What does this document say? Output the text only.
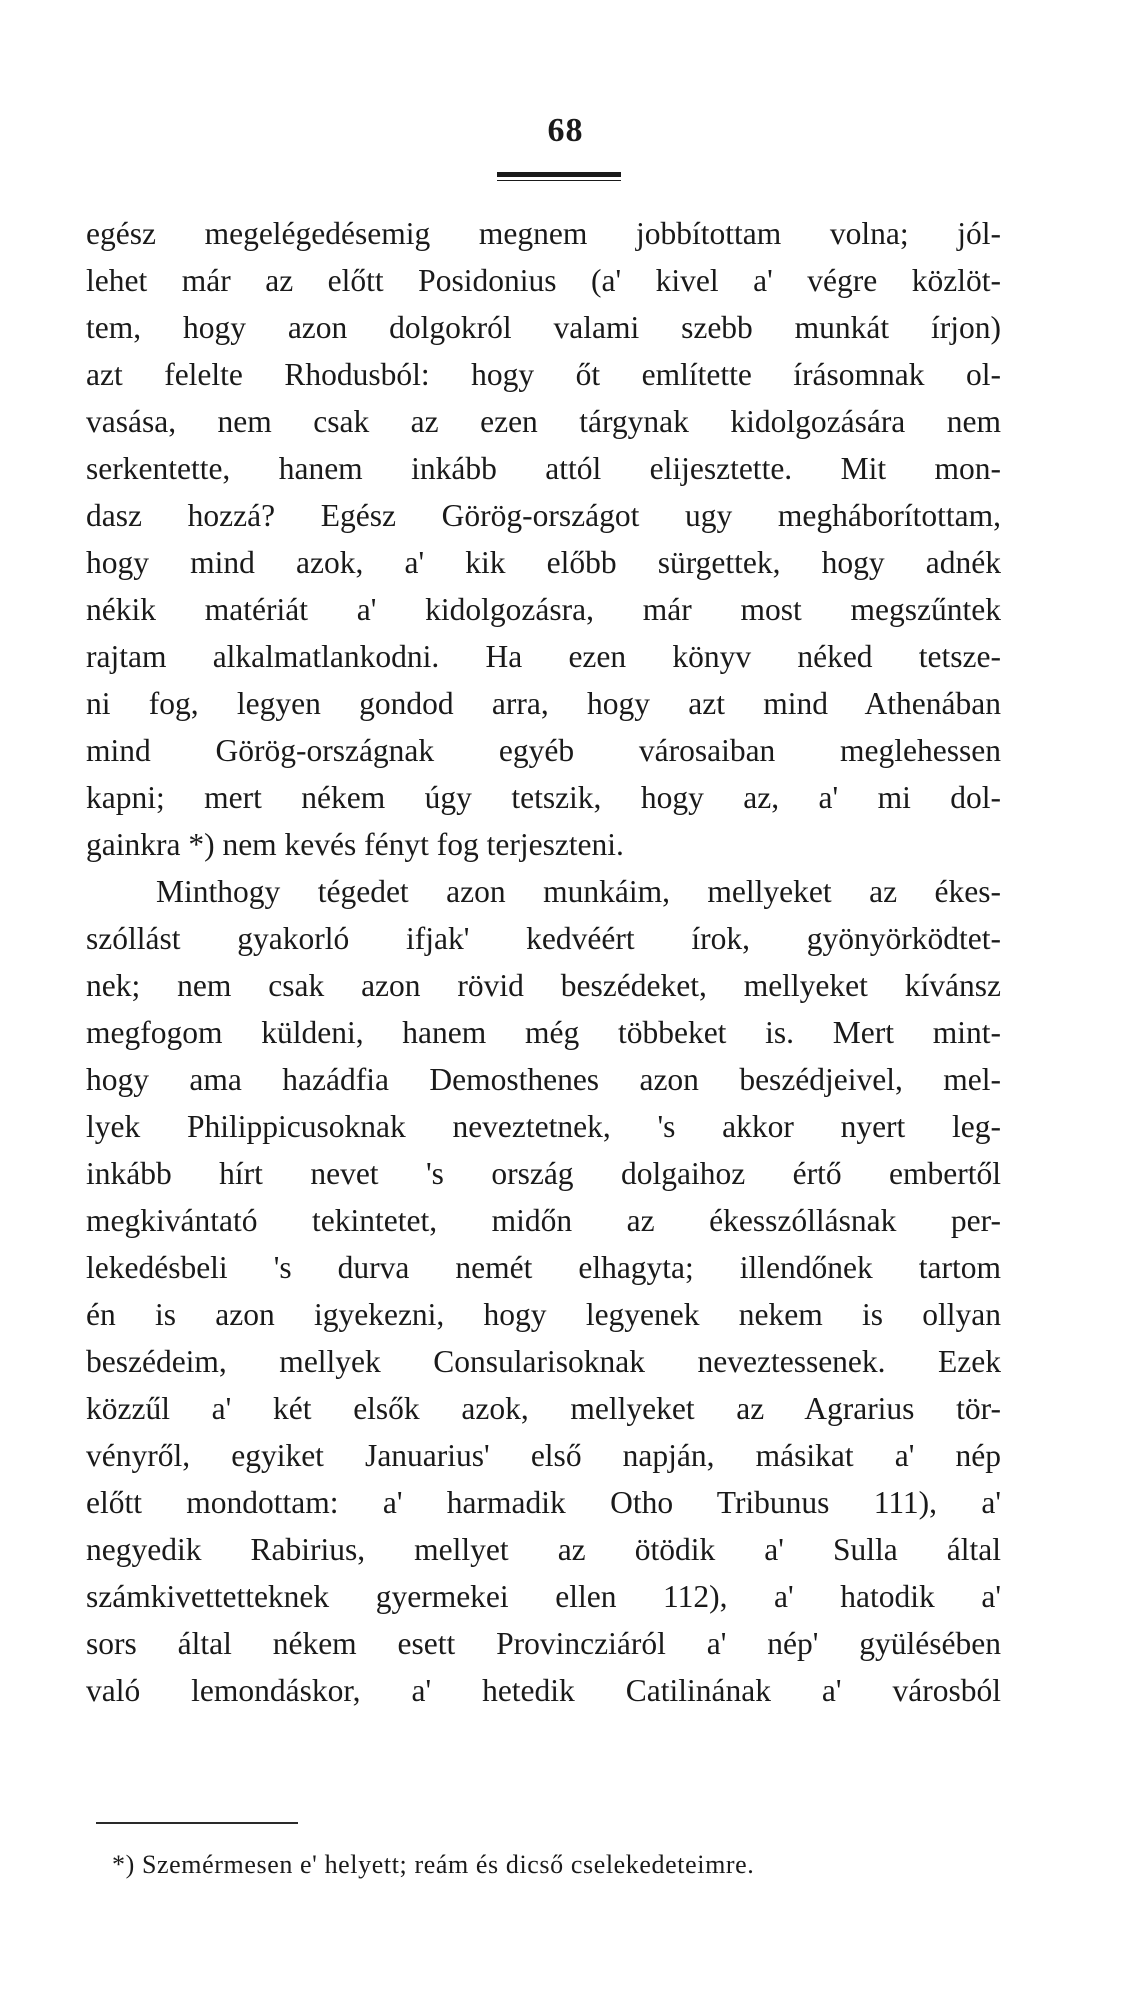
68
egész megelégedésemig megnem jobbítottam volna; jól-
lehet már az előtt Posidonius (a' kivel a' végre közlöt-
tem, hogy azon dolgokról valami szebb munkát írjon)
azt felelte Rhodusból: hogy őt említette írásomnak ol-
vasása, nem csak az ezen tárgynak kidolgozására nem
serkentette, hanem inkább attól elijesztette. Mit mon-
dasz hozzá? Egész Görög-országot ugy megháborítottam,
hogy mind azok, a' kik előbb sürgettek, hogy adnék
nékik matériát a' kidolgozásra, már most megszűntek
rajtam alkalmatlankodni. Ha ezen könyv néked tetsze-
ni fog, legyen gondod arra, hogy azt mind Athenában
mind Görög-országnak egyéb városaiban meglehessen
kapni; mert nékem úgy tetszik, hogy az, a' mi dol-
gainkra *) nem kevés fényt fog terjeszteni.
Minthogy tégedet azon munkáim, mellyeket az ékes-
szóllást gyakorló ifjak' kedvéért írok, gyönyörködtet-
nek; nem csak azon rövid beszédeket, mellyeket kívánsz
megfogom küldeni, hanem még többeket is. Mert mint-
hogy ama hazádfia Demosthenes azon beszédjeivel, mel-
lyek Philippicusoknak neveztetnek, 's akkor nyert leg-
inkább hírt nevet 's ország dolgaihoz értő embertől
megkivántató tekintetet, midőn az ékesszóllásnak per-
lekedésbeli 's durva nemét elhagyta; illendőnek tartom
én is azon igyekezni, hogy legyenek nekem is ollyan
beszédeim, mellyek Consularisoknak neveztessenek. Ezek
közzűl a' két elsők azok, mellyeket az Agrarius tör-
vényről, egyiket Januarius' első napján, másikat a' nép
előtt mondottam: a' harmadik Otho Tribunus 111), a'
negyedik Rabirius, mellyet az ötödik a' Sulla által
számkivettetteknek gyermekei ellen 112), a' hatodik a'
sors által nékem esett Provincziáról a' nép' gyülésében
való lemondáskor, a' hetedik Catilinának a' városból
*) Szemérmesen e' helyett; reám és dicső cselekedeteimre.
